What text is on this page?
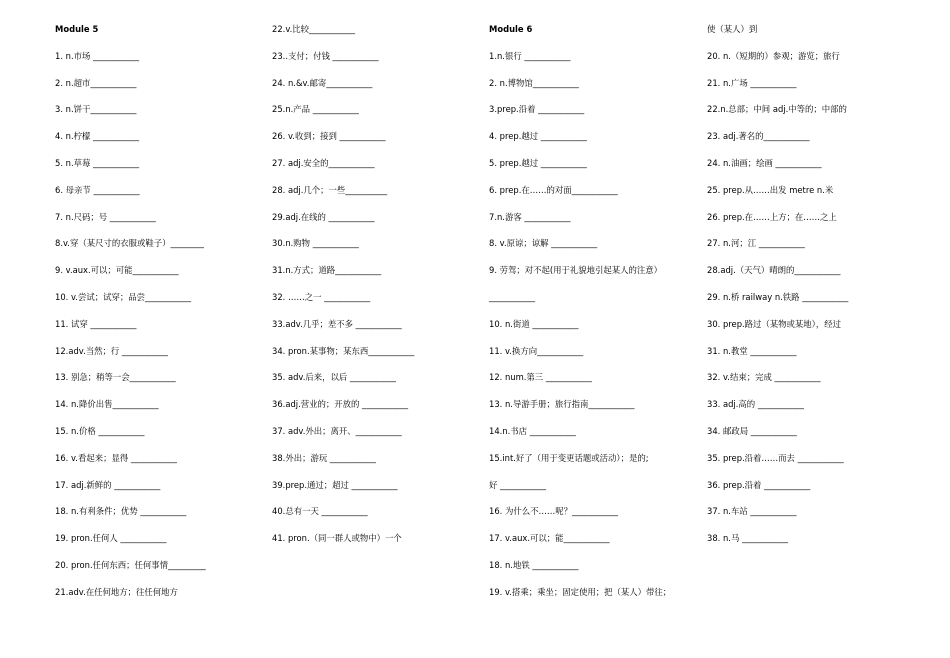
Module 5
1. n.市场 ___________
2. n.超市___________
3. n.饼干___________
4. n.柠檬 ___________
5. n.草莓 ___________
6. 母亲节 ___________
7. n.尺码；号 ___________
8.v.穿（某尺寸的衣服或鞋子）________
9. v.aux.可以；可能___________
10. v.尝试；试穿；品尝___________
11. 试穿 ___________
12.adv.当然；行 ___________
13. 别急；稍等一会___________
14. n.降价出售___________
15. n.价格 ___________
16. v.看起来；显得 ___________
17. adj.新鲜的 ___________
18. n.有利条件；优势 ___________
19. pron.任何人 ___________
20. pron.任何东西；任何事情_________
21.adv.在任何地方；往任何地方
22.v.比较___________
23..支付；付钱 ___________
24. n.&v.邮寄___________
25.n.产品 ___________
26. v.收到；接到 ___________
27. adj.安全的___________
28. adj.几个；一些__________
29.adj.在线的 ___________
30.n.购物 ___________
31.n.方式；道路___________
32. ……之一 ___________
33.adv.几乎；差不多 ___________
34. pron.某事物；某东西___________
35. adv.后来，以后 ___________
36.adj.营业的；开放的 ___________
37. adv.外出；离开、___________
38.外出；游玩 ___________
39.prep.通过；超过 ___________
40.总有一天 ___________
41. pron.（同一群人或物中）一个
Module 6
1.n.银行 ___________
2. n.博物馆___________
3.prep.沿着 ___________
4. prep.越过 ___________
5. prep.越过 ___________
6. prep.在……的对面___________
7.n.游客 ___________
8. v.原谅；谅解 ___________
9. 劳驾；对不起(用于礼貌地引起某人的注意）
___________
10. n.街道 ___________
11. v.换方向___________
12. num.第三 ___________
13. n.导游手册；旅行指南___________
14.n.书店 ___________
15.int.好了（用于变更话题或活动）；是的;
好 ___________
16. 为什么不……呢？___________
17. v.aux.可以；能___________
18. n.地铁 ___________
19. v.搭乘；乘坐；固定使用；把（某人）带往；
使（某人）到
20. n.（短期的）参观；游览；旅行
21. n.广场 ___________
22.n.总部；中间 adj.中等的；中部的
23. adj.著名的___________
24. n.油画；绘画 ___________
25. prep.从……出发 metre n.米
26. prep.在……上方；在……之上
27. n.河；江 ___________
28.adj.（天气）晴朗的___________
29. n.桥 railway n.铁路 ___________
30. prep.路过（某物或某地），经过
31. n.教堂 ___________
32. v.结束；完成 ___________
33. adj.高的 ___________
34. 邮政局 ___________
35. prep.沿着……而去 ___________
36. prep.沿着 ___________
37. n.车站 ___________
38. n.马 ___________
